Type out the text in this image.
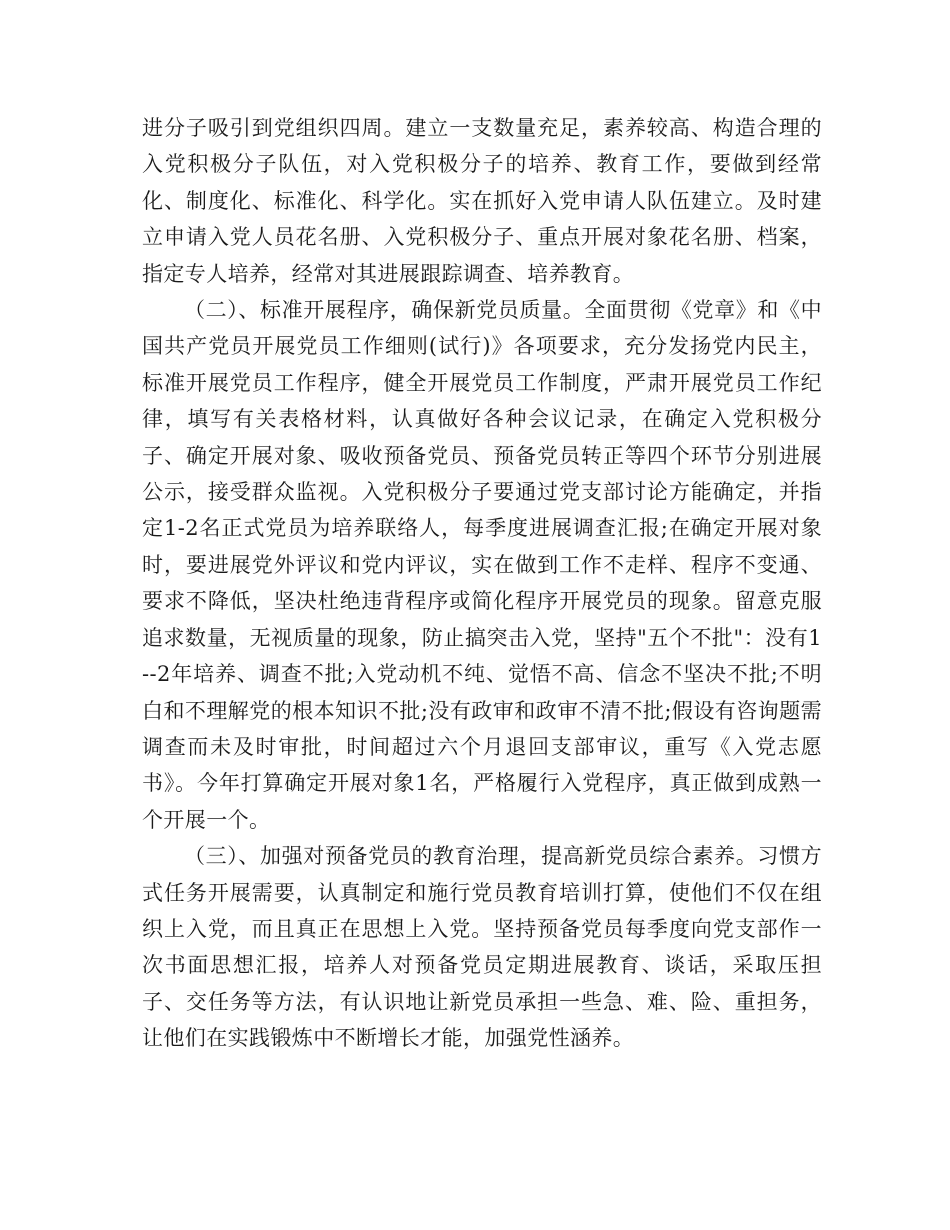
进分子吸引到党组织四周。建立一支数量充足，素养较高、构造合理的入党积极分子队伍，对入党积极分子的培养、教育工作，要做到经常化、制度化、标准化、科学化。实在抓好入党申请人队伍建立。及时建立申请入党人员花名册、入党积极分子、重点开展对象花名册、档案，指定专人培养，经常对其进展跟踪调查、培养教育。

（二）、标准开展程序，确保新党员质量。全面贯彻《党章》和《中国共产党员开展党员工作细则(试行)》各项要求，充分发扬党内民主，标准开展党员工作程序，健全开展党员工作制度，严肃开展党员工作纪律，填写有关表格材料，认真做好各种会议记录，在确定入党积极分子、确定开展对象、吸收预备党员、预备党员转正等四个环节分别进展公示，接受群众监视。入党积极分子要通过党支部讨论方能确定，并指定1-2名正式党员为培养联络人，每季度进展调查汇报;在确定开展对象时，要进展党外评议和党内评议，实在做到工作不走样、程序不变通、要求不降低，坚决杜绝违背程序或简化程序开展党员的现象。留意克服追求数量，无视质量的现象，防止搞突击入党，坚持"五个不批"：没有1--2年培养、调查不批;入党动机不纯、觉悟不高、信念不坚决不批;不明白和不理解党的根本知识不批;没有政审和政审不清不批;假设有咨询题需调查而未及时审批，时间超过六个月退回支部审议，重写《入党志愿书》。今年打算确定开展对象1名，严格履行入党程序，真正做到成熟一个开展一个。

（三）、加强对预备党员的教育治理，提高新党员综合素养。习惯方式任务开展需要，认真制定和施行党员教育培训打算，使他们不仅在组织上入党，而且真正在思想上入党。坚持预备党员每季度向党支部作一次书面思想汇报，培养人对预备党员定期进展教育、谈话，采取压担子、交任务等方法，有认识地让新党员承担一些急、难、险、重担务，让他们在实践锻炼中不断增长才能，加强党性涵养。
